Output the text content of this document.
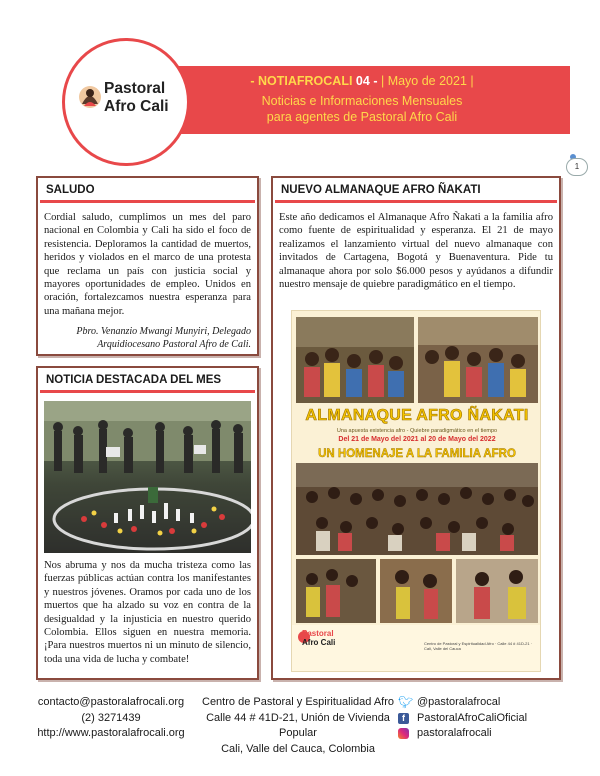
Pastoral
Afro Cali
- NOTIAFROCALI 04 - | Mayo de 2021 |
Noticias e Informaciones Mensuales
para agentes de Pastoral Afro Cali
1
SALUDO
Cordial saludo, cumplimos un mes del paro nacional en Colombia y Cali ha sido el foco de resistencia. Deploramos la cantidad de muertos, heridos y violados en el marco de una protesta que reclama un país con justicia social y mayores oportunidades de empleo. Unidos en oración, fortalezcamos nuestra esperanza para una mañana mejor.
Pbro. Venanzio Mwangi Munyiri, Delegado
Arquidiocesano Pastoral Afro de Cali.
NOTICIA DESTACADA DEL MES
Nos abruma y nos da mucha tristeza como las fuerzas públicas actúan contra los manifestantes y nuestros jóvenes. Oramos por cada uno de los muertos que ha alzado su voz en contra de la desigualdad y la injusticia en nuestro querido Colombia. Ellos siguen en nuestra memoria. ¡Para nuestros muertos ni un minuto de silencio, toda una vida de lucha y combate!
NUEVO ALMANAQUE AFRO ÑAKATI
Este año dedicamos el Almanaque Afro Ñakati a la familia afro como fuente de espiritualidad y esperanza. El 21 de mayo realizamos el lanzamiento virtual del nuevo almanaque con invitados de Cartagena, Bogotá y Buenaventura. Pide tu almanaque ahora por solo $6.000 pesos y ayúdanos a difundir nuestro mensaje de quiebre paradigmático en el tiempo.
ALMANAQUE AFRO ÑAKATI
Una apuesta existencia afro - Quiebre paradigmático en el tiempo
Del 21 de Mayo del 2021 al 20 de Mayo del 2022
UN HOMENAJE A LA FAMILIA AFRO
Pastoral
Afro Cali	Centro de Pastoral y Espiritualidad Afro · Calle 44 # 41D-21 · Cali, Valle del Cauca
contacto@pastoralafrocali.org
(2) 3271439
http://www.pastoralafrocali.org
Centro de Pastoral y Espiritualidad Afro
Calle 44 # 41D-21, Unión de Vivienda Popular
Cali, Valle del Cauca, Colombia
🐦︎ @pastoralafrocal
f	PastoralAfroCaliOficial
pastoralafrocali
